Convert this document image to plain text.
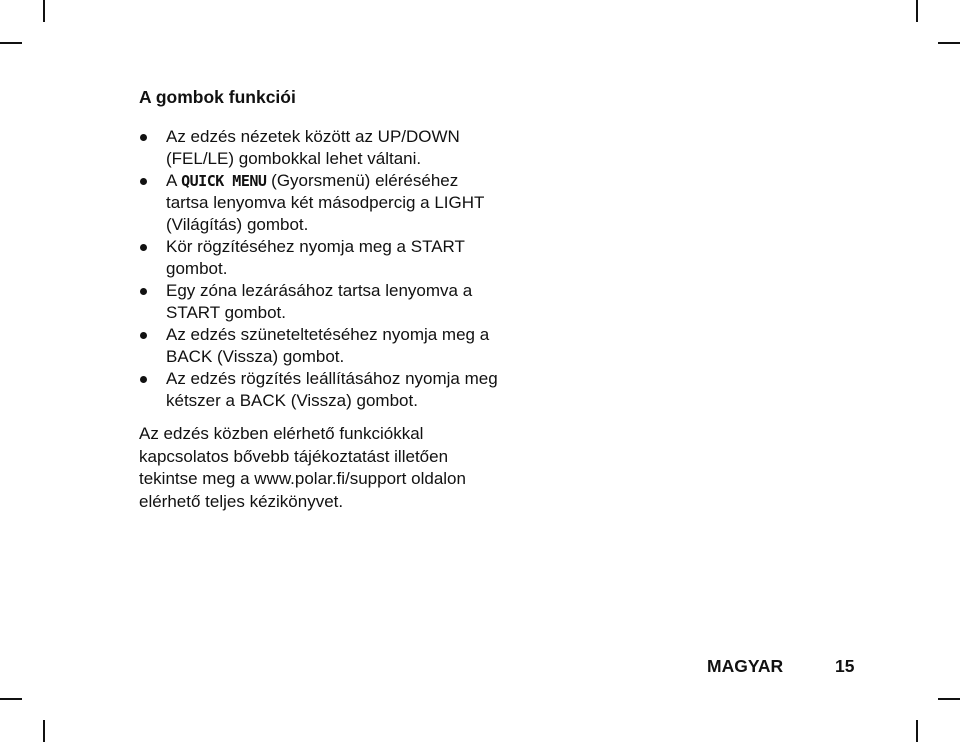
A gombok funkciói
Az edzés nézetek között az UP/DOWN (FEL/LE) gombokkal lehet váltani.
A QUICK MENU (Gyorsmenü) eléréséhez tartsa lenyomva két másodpercig a LIGHT (Világítás) gombot.
Kör rögzítéséhez nyomja meg a START gombot.
Egy zóna lezárásához tartsa lenyomva a START gombot.
Az edzés szüneteltetéséhez nyomja meg a BACK (Vissza) gombot.
Az edzés rögzítés leállításához nyomja meg kétszer a BACK (Vissza) gombot.
Az edzés közben elérhető funkciókkal kapcsolatos bővebb tájékoztatást illetően tekintse meg a www.polar.fi/support oldalon elérhető teljes kézikönyvet.
MAGYAR	15
